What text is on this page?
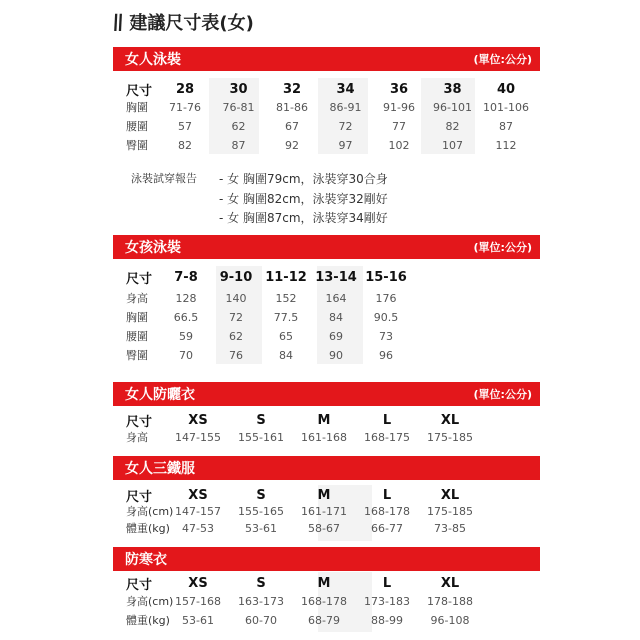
\\ 建議尺寸表(女)
女人泳裝	(單位:公分)
泳裝試穿報告 - 女 胸圍79cm，泳裝穿30合身
- 女 胸圍82cm，泳裝穿32剛好
- 女 胸圍87cm，泳裝穿34剛好
女孩泳裝	(單位:公分)
女人防曬衣	(單位:公分)
女人三鐵服
防寒衣
尺寸	28	30	32	34	36	38	40
胸圍	71-76	76-81	81-86	86-91	91-96	96-101	101-106
腰圍	57	62	67	72	77	82	87
臀圍	82	87	92	97	102	107	112
尺寸	7-8	9-10 11-12 13-14 15-16
身高	128	140	152	164	176
胸圍	66.5	72	77.5	84	90.5
腰圍	59	62	65	69	73
臀圍	70	76	84	90	96
尺寸	XS	S	M	L	XL
身高	147-155	155-161	161-168	168-175	175-185
尺寸	XS	S	M	L	XL
身高(cm) 147-157	155-165	161-171	168-178	175-185
體重(kg)	47-53	53-61	58-67	66-77	73-85
尺寸	XS	S	M	L	XL
身高(cm) 157-168	163-173	168-178	173-183	178-188
體重(kg)	53-61	60-70	68-79	88-99	96-108
